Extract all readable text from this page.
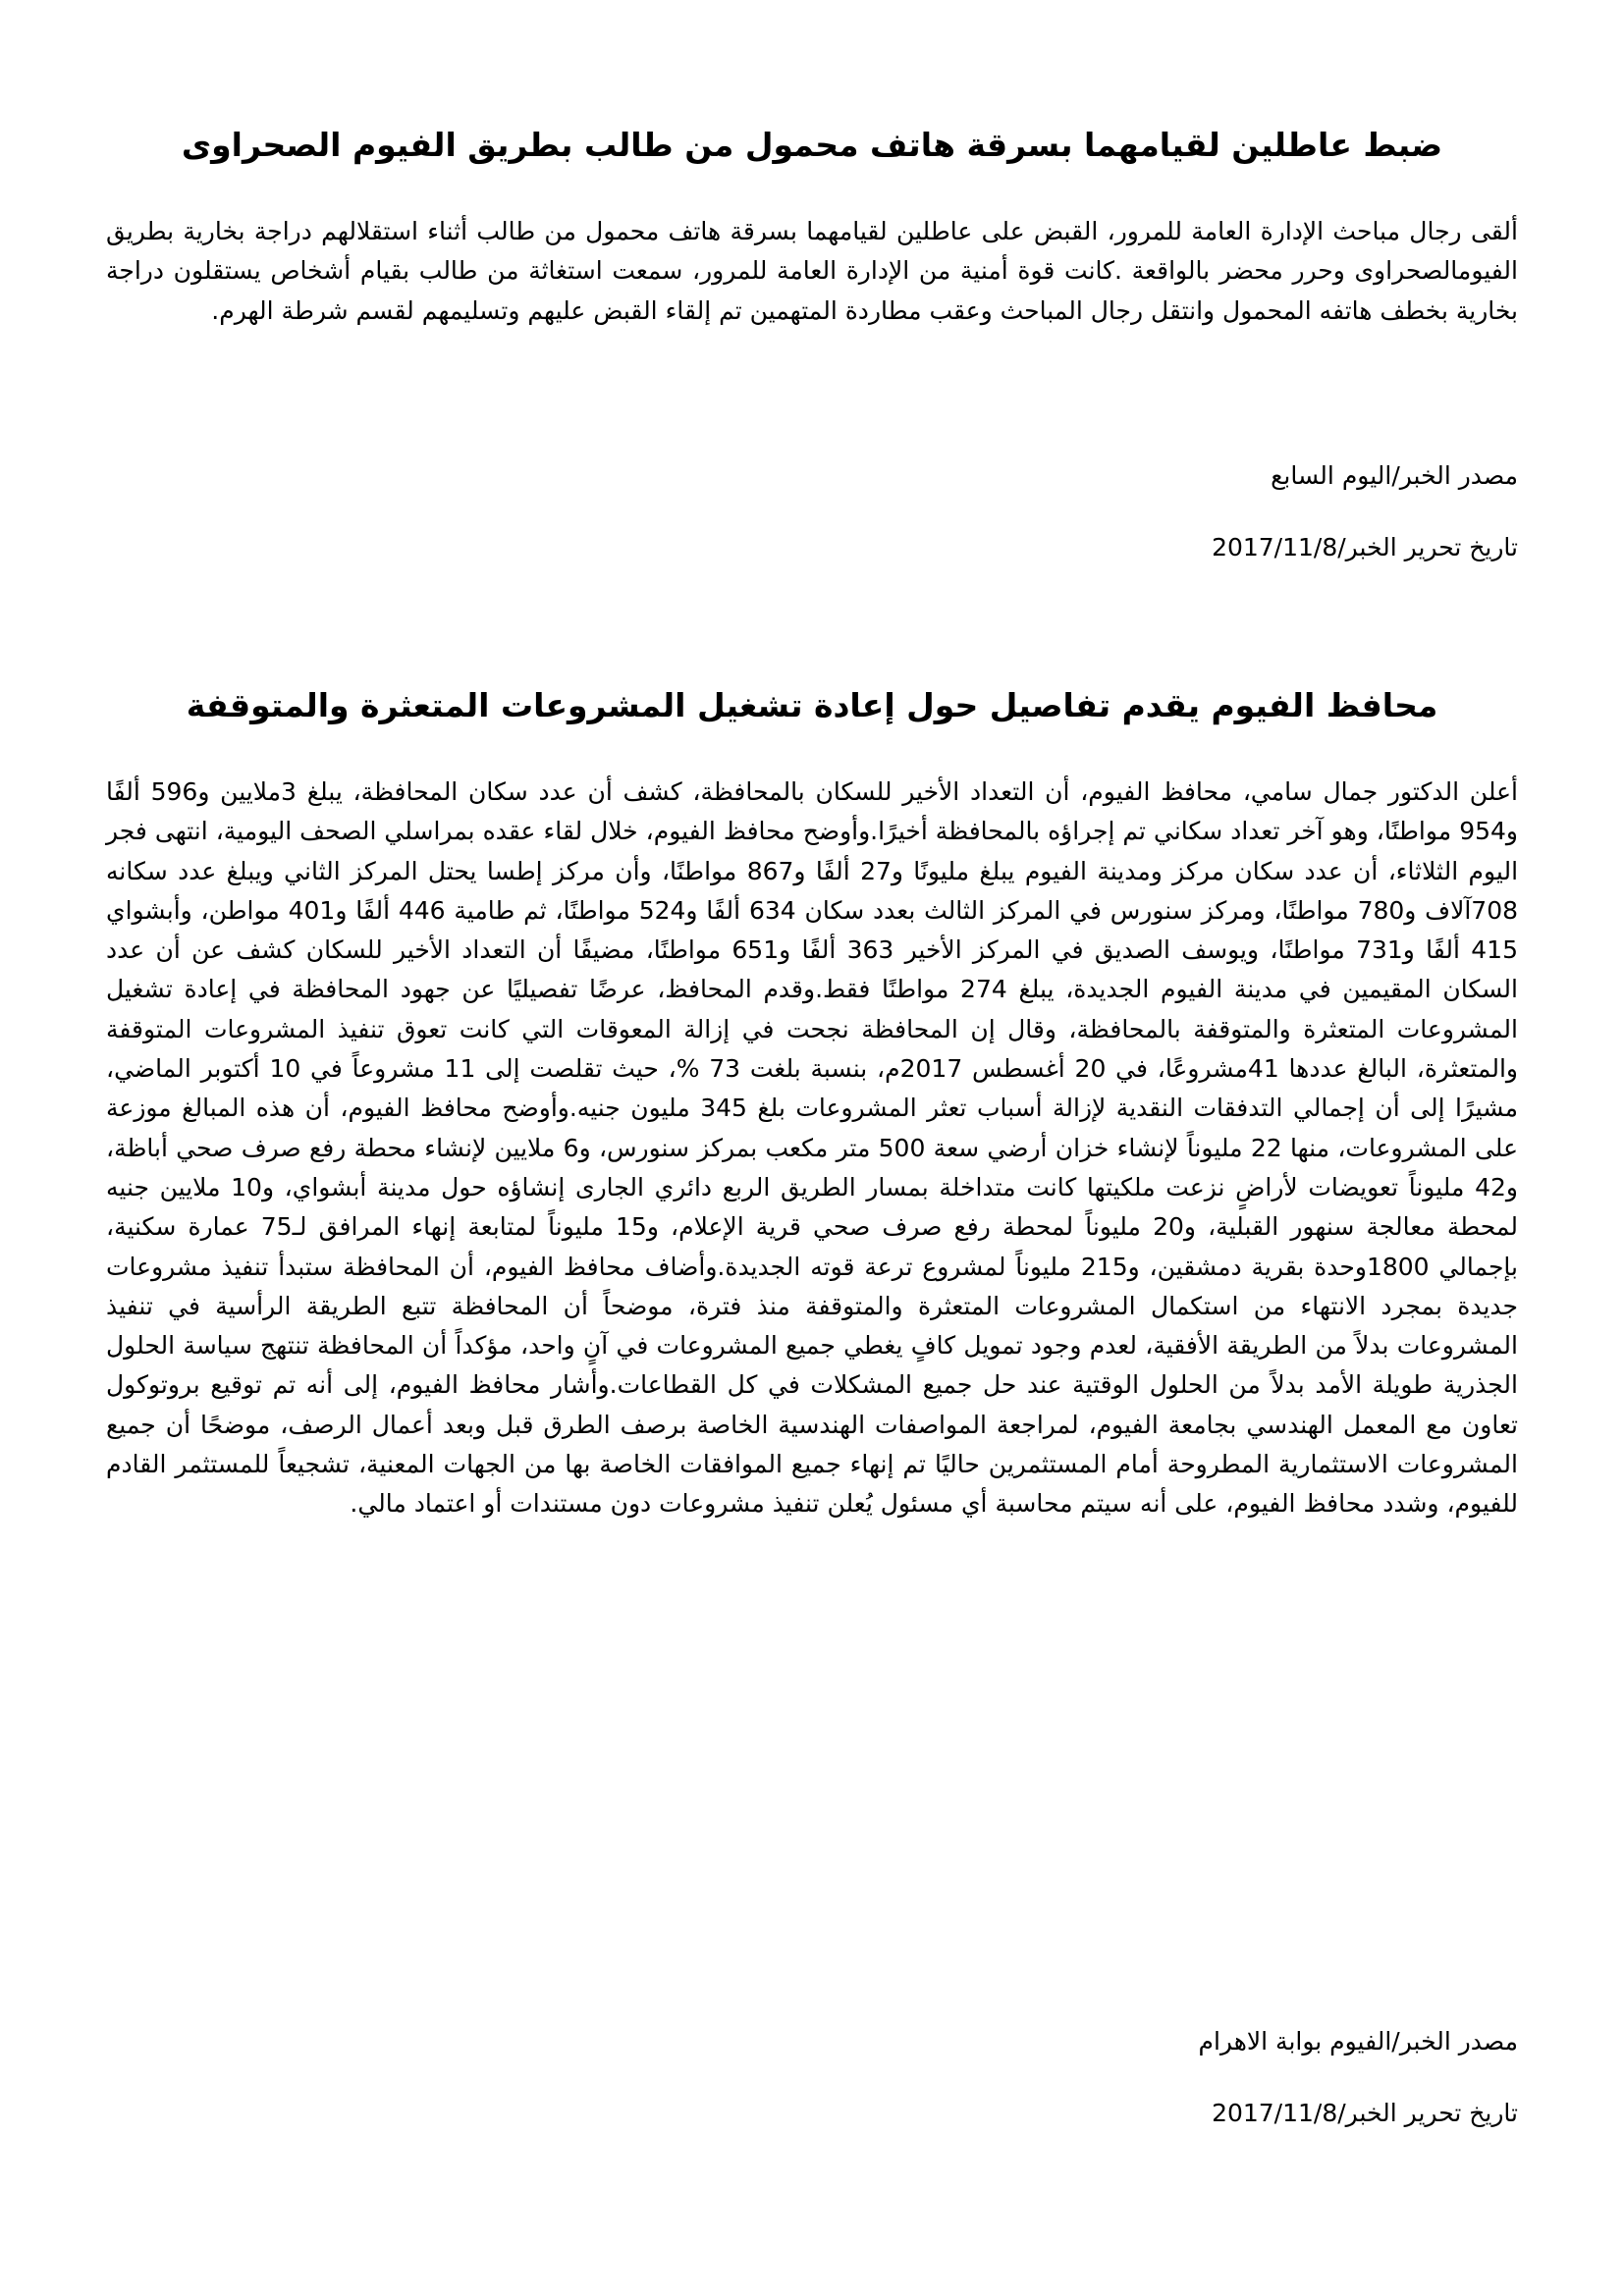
ضبط عاطلين لقيامهما بسرقة هاتف محمول من طالب بطريق الفيوم الصحراوى

ألقى رجال مباحث الإدارة العامة للمرور، القبض على عاطلين لقيامهما بسرقة هاتف محمول من طالب أثناء استقلالهم دراجة بخارية بطريق الفيومالصحراوى وحرر محضر بالواقعة .كانت قوة أمنية من الإدارة العامة للمرور، سمعت استغاثة من طالب بقيام أشخاص يستقلون دراجة بخارية بخطف هاتفه المحمول وانتقل رجال المباحث وعقب مطاردة المتهمين تم إلقاء القبض عليهم وتسليمهم لقسم شرطة الهرم.

مصدر الخبر/اليوم السابع

تاريخ تحرير الخبر/2017/11/8

محافظ الفيوم يقدم تفاصيل حول إعادة تشغيل المشروعات المتعثرة والمتوقفة

أعلن الدكتور جمال سامي، محافظ الفيوم، أن التعداد الأخير للسكان بالمحافظة، كشف أن عدد سكان المحافظة، يبلغ 3ملايين و596 ألفًا و954 مواطنًا، وهو آخر تعداد سكاني تم إجراؤه بالمحافظة أخيرًا.وأوضح محافظ الفيوم، خلال لقاء عقده بمراسلي الصحف اليومية، انتهى فجر اليوم الثلاثاء، أن عدد سكان مركز ومدينة الفيوم يبلغ مليونًا و27 ألفًا و867 مواطنًا، وأن مركز إطسا يحتل المركز الثاني ويبلغ عدد سكانه 708آلاف و780 مواطنًا، ومركز سنورس في المركز الثالث بعدد سكان 634 ألفًا و524 مواطنًا، ثم طامية 446 ألفًا و401 مواطن، وأبشواي 415 ألفًا و731 مواطنًا، ويوسف الصديق في المركز الأخير 363 ألفًا و651 مواطنًا، مضيفًا أن التعداد الأخير للسكان كشف عن أن عدد السكان المقيمين في مدينة الفيوم الجديدة، يبلغ 274 مواطنًا فقط.وقدم المحافظ، عرضًا تفصيليًا عن جهود المحافظة في إعادة تشغيل المشروعات المتعثرة والمتوقفة بالمحافظة، وقال إن المحافظة نجحت في إزالة المعوقات التي كانت تعوق تنفيذ المشروعات المتوقفة والمتعثرة، البالغ عددها 41مشروعًا، في 20 أغسطس 2017م، بنسبة بلغت 73 %، حيث تقلصت إلى 11 مشروعاً في 10 أكتوبر الماضي، مشيرًا إلى أن إجمالي التدفقات النقدية لإزالة أسباب تعثر المشروعات بلغ 345 مليون جنيه.وأوضح محافظ الفيوم، أن هذه المبالغ موزعة على المشروعات، منها 22 مليوناً لإنشاء خزان أرضي سعة 500 متر مكعب بمركز سنورس، و6 ملايين لإنشاء محطة رفع صرف صحي أباظة، و42 مليوناً تعويضات لأراضٍ نزعت ملكيتها كانت متداخلة بمسار الطريق الربع دائري الجارى إنشاؤه حول مدينة أبشواي، و10 ملايين جنيه لمحطة معالجة سنهور القبلية، و20 مليوناً لمحطة رفع صرف صحي قرية الإعلام، و15 مليوناً لمتابعة إنهاء المرافق لـ75 عمارة سكنية، بإجمالي 1800وحدة بقرية دمشقين، و215 مليوناً لمشروع ترعة قوته الجديدة.وأضاف محافظ الفيوم، أن المحافظة ستبدأ تنفيذ مشروعات جديدة بمجرد الانتهاء من استكمال المشروعات المتعثرة والمتوقفة منذ فترة، موضحاً أن المحافظة تتبع الطريقة الرأسية في تنفيذ المشروعات بدلاً من الطريقة الأفقية، لعدم وجود تمويل كافٍ يغطي جميع المشروعات في آنٍ واحد، مؤكداً أن المحافظة تنتهج سياسة الحلول الجذرية طويلة الأمد بدلاً من الحلول الوقتية عند حل جميع المشكلات في كل القطاعات.وأشار محافظ الفيوم، إلى أنه تم توقيع بروتوكول تعاون مع المعمل الهندسي بجامعة الفيوم، لمراجعة المواصفات الهندسية الخاصة برصف الطرق قبل وبعد أعمال الرصف، موضحًا أن جميع المشروعات الاستثمارية المطروحة أمام المستثمرين حاليًا تم إنهاء جميع الموافقات الخاصة بها من الجهات المعنية، تشجيعاً للمستثمر القادم للفيوم، وشدد محافظ الفيوم، على أنه سيتم محاسبة أي مسئول يُعلن تنفيذ مشروعات دون مستندات أو اعتماد مالي.

مصدر الخبر/الفيوم بوابة الاهرام

تاريخ تحرير الخبر/2017/11/8
